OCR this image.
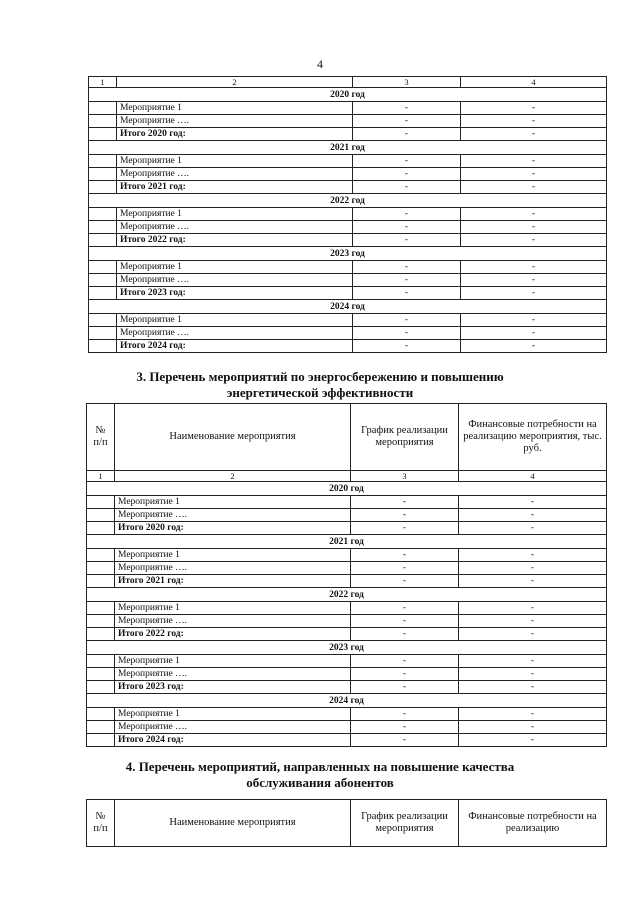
4
1	2	3	4
2020 год			
	Мероприятие 1	-	-
	Мероприятие ….	-	-
	Итого 2020 год:	-	-
2021 год			
	Мероприятие 1	-	-
	Мероприятие ….	-	-
	Итого 2021 год:	-	-
2022 год			
	Мероприятие 1	-	-
	Мероприятие ….	-	-
	Итого 2022 год:	-	-
2023 год			
	Мероприятие 1	-	-
	Мероприятие ….	-	-
	Итого 2023 год:	-	-
2024 год			
	Мероприятие 1	-	-
	Мероприятие ….	-	-
	Итого 2024 год:	-	-
3. Перечень мероприятий по энергосбережению и повышению
энергетической эффективности
№ п/п	Наименование мероприятия	График реализации мероприятия	Финансовые потребности на реализацию мероприятия, тыс. руб.
1	2	3	4
2020 год			
	Мероприятие 1	-	-
	Мероприятие ….	-	-
	Итого 2020 год:	-	-
2021 год			
	Мероприятие 1	-	-
	Мероприятие ….	-	-
	Итого 2021 год:	-	-
2022 год			
	Мероприятие 1	-	-
	Мероприятие ….	-	-
	Итого 2022 год:	-	-
2023 год			
	Мероприятие 1	-	-
	Мероприятие ….	-	-
	Итого 2023 год:	-	-
2024 год			
	Мероприятие 1	-	-
	Мероприятие ….	-	-
	Итого 2024 год:	-	-
4. Перечень мероприятий, направленных на повышение качества
обслуживания абонентов
№ п/п	Наименование мероприятия	График реализации мероприятия	Финансовые потребности на реализацию
